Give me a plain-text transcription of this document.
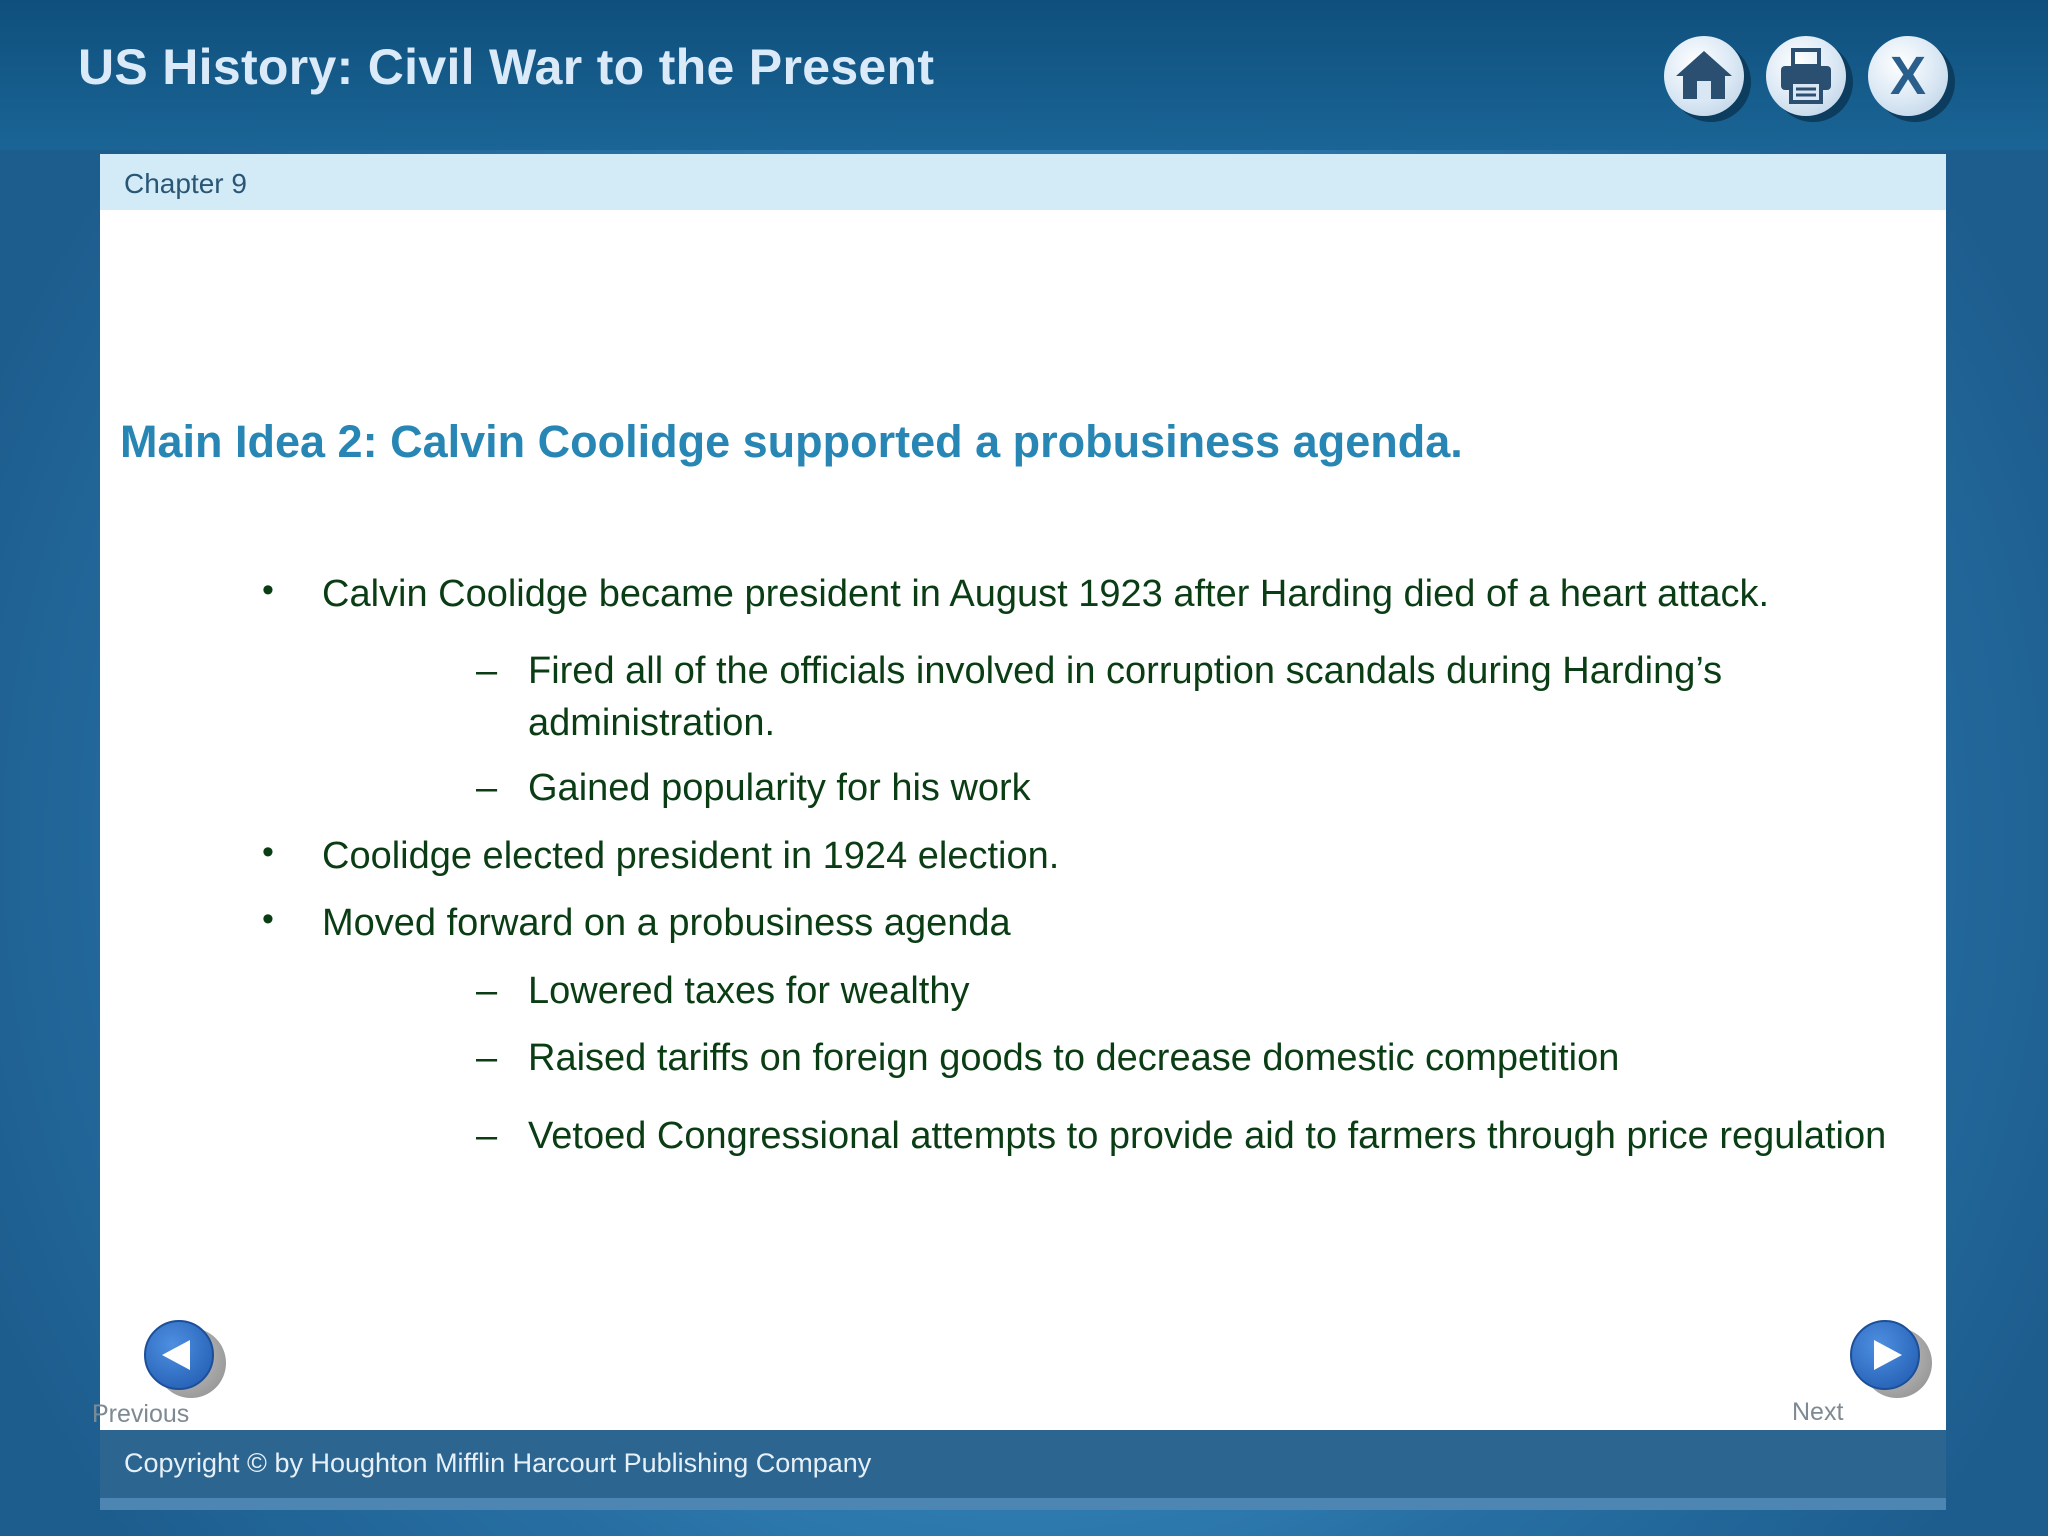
US History: Civil War to the Present	X
Chapter 9
Main Idea 2: Calvin Coolidge supported a probusiness agenda.
• Calvin Coolidge became president in August 1923 after Harding died of a heart attack.
– Fired all of the officials involved in corruption scandals during Harding’s administration.
– Gained popularity for his work
• Coolidge elected president in 1924 election.
• Moved forward on a probusiness agenda
– Lowered taxes for wealthy
– Raised tariffs on foreign goods to decrease domestic competition
– Vetoed Congressional attempts to provide aid to farmers through price regulation
Previous	Next
Copyright © by Houghton Mifflin Harcourt Publishing Company
